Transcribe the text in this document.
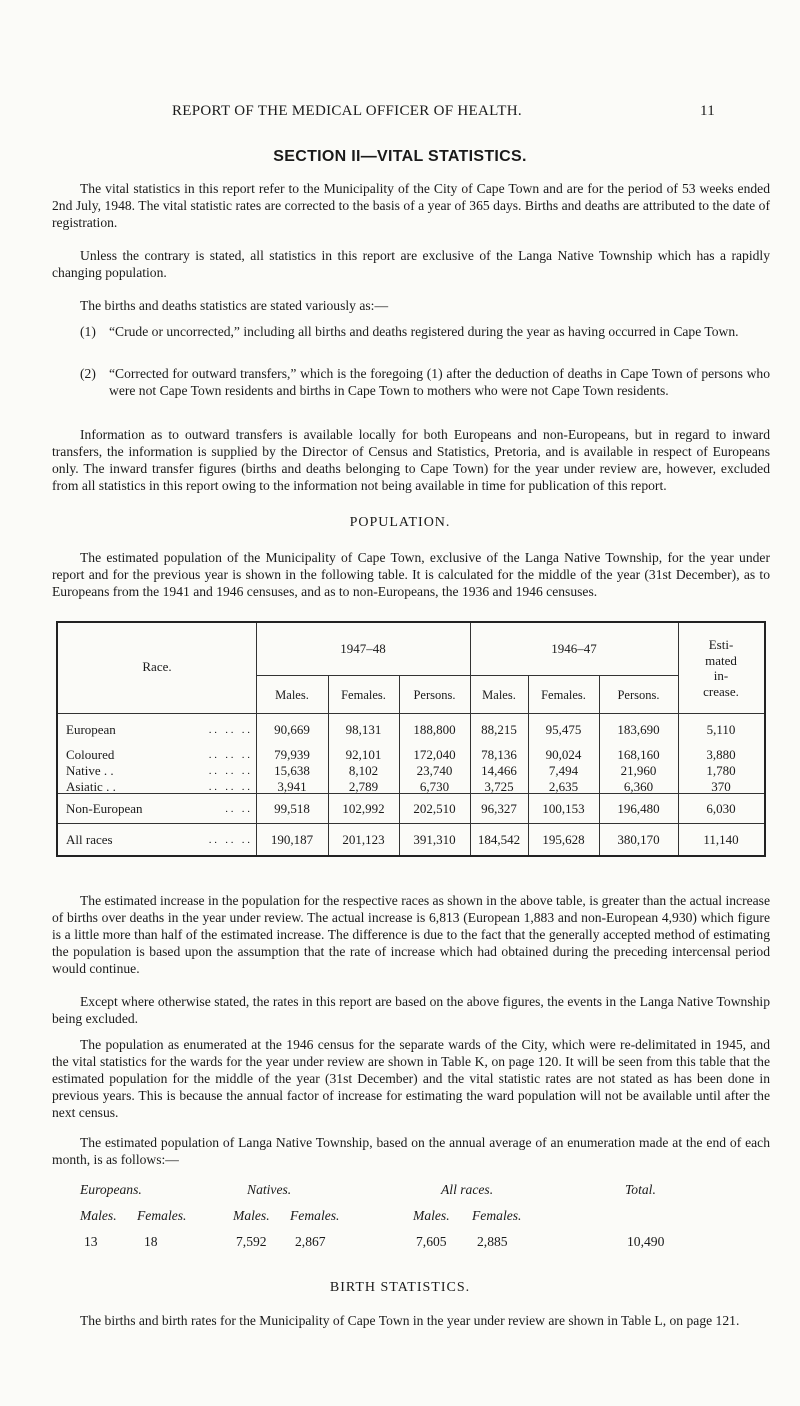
REPORT OF THE MEDICAL OFFICER OF HEALTH.	11
SECTION II—VITAL STATISTICS.
The vital statistics in this report refer to the Municipality of the City of Cape Town and are for the period of 53 weeks ended 2nd July, 1948. The vital statistic rates are corrected to the basis of a year of 365 days. Births and deaths are attributed to the date of registration.
Unless the contrary is stated, all statistics in this report are exclusive of the Langa Native Township which has a rapidly changing population.
The births and deaths statistics are stated variously as:—
(1) “Crude or uncorrected,” including all births and deaths registered during the year as having occurred in Cape Town.
(2) “Corrected for outward transfers,” which is the foregoing (1) after the deduction of deaths in Cape Town of persons who were not Cape Town residents and births in Cape Town to mothers who were not Cape Town residents.
Information as to outward transfers is available locally for both Europeans and non-Europeans, but in regard to inward transfers, the information is supplied by the Director of Census and Statistics, Pretoria, and is available in respect of Europeans only. The inward transfer figures (births and deaths belonging to Cape Town) for the year under review are, however, excluded from all statistics in this report owing to the information not being available in time for publication of this report.
POPULATION.
The estimated population of the Municipality of Cape Town, exclusive of the Langa Native Township, for the year under report and for the previous year is shown in the following table. It is calculated for the middle of the year (31st December), as to Europeans from the 1941 and 1946 censuses, and as to non-Europeans, the 1936 and 1946 censuses.
Race.
1947–48	1946–47	Esti-
mated
in-
crease.
Males.	Females.	Persons.	Males.	Females.	Persons.
European	. .   . .   . .	90,669	98,131	188,800	88,215	95,475	183,690	5,110
Coloured	. .   . .   . .	79,939	92,101	172,040	78,136	90,024	168,160	3,880
Native . .	. .   . .   . .	15,638	8,102	23,740	14,466	7,494	21,960	1,780
Asiatic . .	. .   . .   . .	3,941	2,789	6,730	3,725	2,635	6,360	370
Non-European	. .   . .	99,518	102,992	202,510	96,327	100,153	196,480	6,030
All races	. .   . .   . .	190,187	201,123	391,310	184,542	195,628	380,170	11,140
The estimated increase in the population for the respective races as shown in the above table, is greater than the actual increase of births over deaths in the year under review. The actual increase is 6,813 (European 1,883 and non-European 4,930) which figure is a little more than half of the estimated increase. The difference is due to the fact that the generally accepted method of estimating the population is based upon the assumption that the rate of increase which had obtained during the preceding intercensal period would continue.
Except where otherwise stated, the rates in this report are based on the above figures, the events in the Langa Native Township being excluded.
The population as enumerated at the 1946 census for the separate wards of the City, which were re-delimitated in 1945, and the vital statistics for the wards for the year under review are shown in Table K, on page 120. It will be seen from this table that the estimated population for the middle of the year (31st December) and the vital statistic rates are not stated as has been done in previous years. This is because the annual factor of increase for estimating the ward population will not be available until after the next census.
The estimated population of Langa Native Township, based on the annual average of an enumeration made at the end of each month, is as follows:—
Europeans.	Natives.	All races.	Total.
Males. Females.	Males. Females.	Males. Females.
13	18	7,592 2,867	7,605 2,885	10,490
BIRTH STATISTICS.
The births and birth rates for the Municipality of Cape Town in the year under review are shown in Table L, on page 121.
